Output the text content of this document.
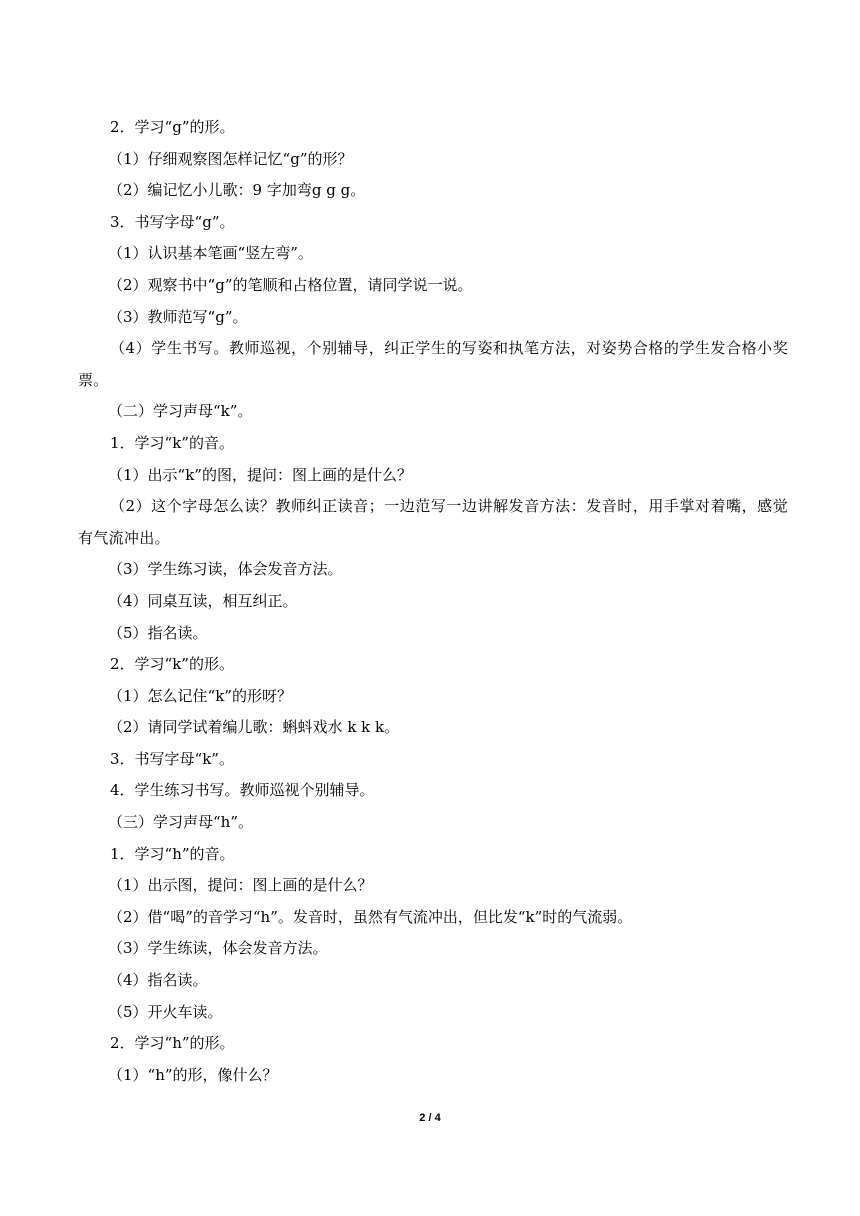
2．学习“g”的形。
（1）仔细观察图怎样记忆“g”的形？
（2）编记忆小儿歌：9 字加弯g g g。
3．书写字母“g”。
（1）认识基本笔画“竖左弯”。
（2）观察书中“g”的笔顺和占格位置，请同学说一说。
（3）教师范写“g”。
（4）学生书写。教师巡视，个别辅导，纠正学生的写姿和执笔方法，对姿势合格的学生发合格小奖票。
（二）学习声母“k”。
1．学习“k”的音。
（1）出示“k”的图，提问：图上画的是什么？
（2）这个字母怎么读？教师纠正读音；一边范写一边讲解发音方法：发音时，用手掌对着嘴，感觉有气流冲出。
（3）学生练习读，体会发音方法。
（4）同桌互读，相互纠正。
（5）指名读。
2．学习“k”的形。
（1）怎么记住“k”的形呀？
（2）请同学试着编儿歌：蝌蚪戏水 k k k。
3．书写字母“k”。
4．学生练习书写。教师巡视个别辅导。
（三）学习声母“h”。
1．学习“h”的音。
（1）出示图，提问：图上画的是什么？
（2）借“喝”的音学习“h”。发音时，虽然有气流冲出，但比发“k”时的气流弱。
（3）学生练读，体会发音方法。
（4）指名读。
（5）开火车读。
2．学习“h”的形。
（1）“h”的形，像什么？
2 / 4
